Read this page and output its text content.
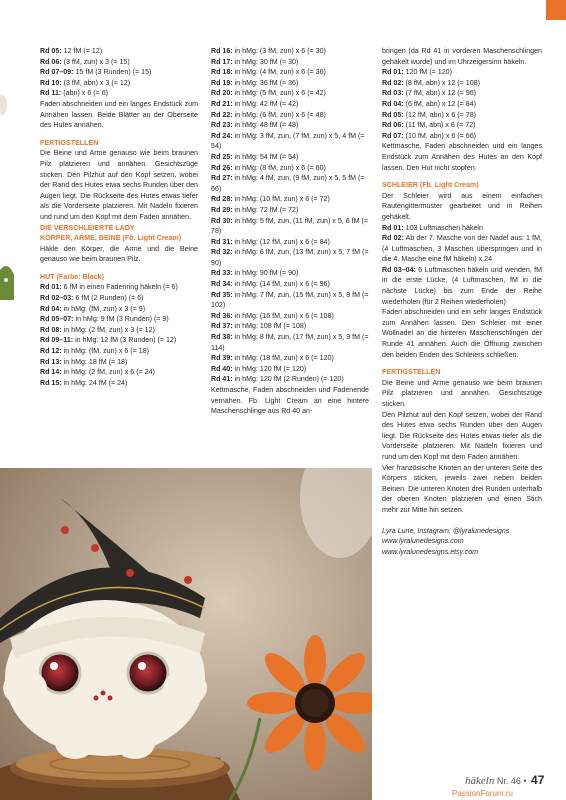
Rd 05: 12 fM (= 12)

Rd 06: (3 fM, zun) x 3 (= 15)

Rd 07–09: 15 fM (3 Runden) (= 15)

Rd 10: (3 fM, abn) x 3 (= 12)

Rd 11: (abn) x 6 (= 6)

Faden abschneiden und ein langes Endstück zum Annähen lassen. Beide Blätter an der Oberseite des Hutes annähen.

FERTIGSTELLEN

Die Beine und Arme genauso wie beim braunen Pilz platzieren und annähen. Gesichtszüge sticken. Den Pilzhut auf den Kopf setzen, wobei der Rand des Hutes etwa sechs Runden über den Augen liegt. Die Rückseite des Hutes etwas tiefer als die Vorderseite platzieren. Mit Nadeln fixieren und rund um den Kopf mit dem Faden annähen.

DIE VERSCHLEIERTE LADY

KÖRPER, ARME, BEINE (Fb. Light Cream)

Häkle den Körper, die Arme und die Beine genauso wie beim braunen Pilz.

HUT (Farbe: Black)

Rd 01: 6 fM in einen Fadenring häkeln (= 6)

Rd 02–03: 6 fM (2 Runden) (= 6)

Rd 04: in hMg: (fM, zun) x 3 (= 9)

Rd 05–07: in hMg: 9 fM (3 Runden) (= 9)

Rd 08: in hMg: (2 fM, zun) x 3 (= 12)

Rd 09–11: in hMg: 12 fM (3 Runden) (= 12)

Rd 12: in hMg: (fM, zun) x 6 (= 18)

Rd 13: in hMg: 18 fM (= 18)

Rd 14: in hMg: (2 fM, zun) x 6 (= 24)

Rd 15: in hMg: 24 fM (= 24)

Rd 16: in hMg: (3 fM, zun) x 6 (= 30)

Rd 17: in hMg: 30 fM (= 30)

Rd 18: in hMg: (4 fM, zun) x 6 (= 36)

Rd 19: in hMg: 36 fM (= 36)

Rd 20: in hMg: (5 fM, zun) x 6 (= 42)

Rd 21: in hMg: 42 fM (= 42)

Rd 22: in hMg: (6 fM, zun) x 6 (= 48)

Rd 23: in hMg: 48 fM (= 48)

Rd 24: in hMg: 3 fM, zun, (7 fM, zun) x 5, 4 fM (= 54)

Rd 25: in hMg: 54 fM (= 54)

Rd 26: in hMg: (8 fM, zun) x 6 (= 60)

Rd 27: in hMg: 4 fM, zun, (9 fM, zun) x 5, 5 fM (= 66)

Rd 28: in hMg: (10 fM, zun) x 6 (= 72)

Rd 29: in hMg: 72 fM (= 72)

Rd 30: in hMg: 5 fM, zun, (11 fM, zun) x 5, 6 fM (= 78)

Rd 31: in hMg: (12 fM, zun) x 6 (= 84)

Rd 32: in hMg: 6 fM, zun, (13 fM, zun) x 5, 7 fM (= 90)

Rd 33: in hMg: 90 fM (= 90)

Rd 34: in hMg: (14 fM, zun) x 6 (= 96)

Rd 35: in hMg: 7 fM, zun, (15 fM, zun) x 5, 8 fM (= 102)

Rd 36: in hMg: (16 fM, zun) x 6 (= 108)

Rd 37: in hMg: 108 fM (= 108)

Rd 38: in hMg: 8 fM, zun, (17 fM, zun) x 5, 9 fM (= 114)

Rd 39: in hMg: (18 fM, zun) x 6 (= 120)

Rd 40: in hMg: 120 fM (= 120)

Rd 41: in hMg: 120 fM (2 Runden) (= 120)

Kettmasche, Faden abschneiden und Fadenende vernähen. Fb. Light Cream an eine hintere Maschenschlinge aus Rd 40 an-

bringen (da Rd 41 in vorderen Maschenschlingen gehäkelt wurde) und im Uhrzeigersinn häkeln.

Rd 01: 120 fM (= 120)

Rd 02: (8 fM, abn) x 12 (= 108)

Rd 03: (7 fM, abn) x 12 (= 96)

Rd 04: (6 fM, abn) x 12 (= 84)

Rd 05: (12 fM, abn) x 6 (= 78)

Rd 06: (11 fM, abn) x 6 (= 72)

Rd 07: (10 fM, abn) x 6 (= 66)

Kettmasche, Faden abschneiden und ein langes Endstück zum Annähen des Hutes an den Kopf lassen. Den Hut nicht stopfen.

SCHLEIER (Fb. Light Cream)

Der Schleier wird aus einem einfachen Rautengittermuster gearbeitet und in Reihen gehäkelt.

Rd 01: 103 Luftmaschen häkeln

Rd 02: Ab der 7. Masche von der Nadel aus: 1 fM, (4 Luftmaschen, 3 Maschen überspringen und in die 4. Masche eine fM häkeln) x 24

Rd 03–04: 6 Luftmaschen häkeln und wenden, fM in die erste Lücke, (4 Luftmaschen, fM in die nächste Lücke) bis zum Ende der Reihe wiederholen (für 2 Reihen wiederholen)

Faden abschneiden und ein sehr langes Endstück zum Annähen lassen. Den Schleier mit einer Wollnadel an die hinteren Maschenschlingen der Runde 41 annähen. Auch die Öffnung zwischen den beiden Enden des Schleiers schließen.

FERTIGSTELLEN

Die Beine und Arme genauso wie beim braunen Pilz platzieren und annähen. Gesichtszüge sticken.

Den Pilzhut auf den Kopf setzen, wobei der Rand des Hutes etwa sechs Runden über den Augen liegt. Die Rückseite des Hutes etwas tiefer als die Vorderseite platzieren. Mit Nadeln fixieren und rund um den Kopf mit dem Faden annähen.

Vier französische Knoten an der unteren Seite des Körpers sticken, jeweils zwei neben beiden Beinen. Die unteren Knoten drei Runden unterhalb der oberen Knoten platzieren und einen Stich mehr zur Mitte hin setzen.

Lyra Lune, Instagram: @lyralunedesigns

www.lyralunedesigns.com

www.lyralunedesigns.etsy.com

häkeln Nr. 46 • 47
PassionForum.ru
